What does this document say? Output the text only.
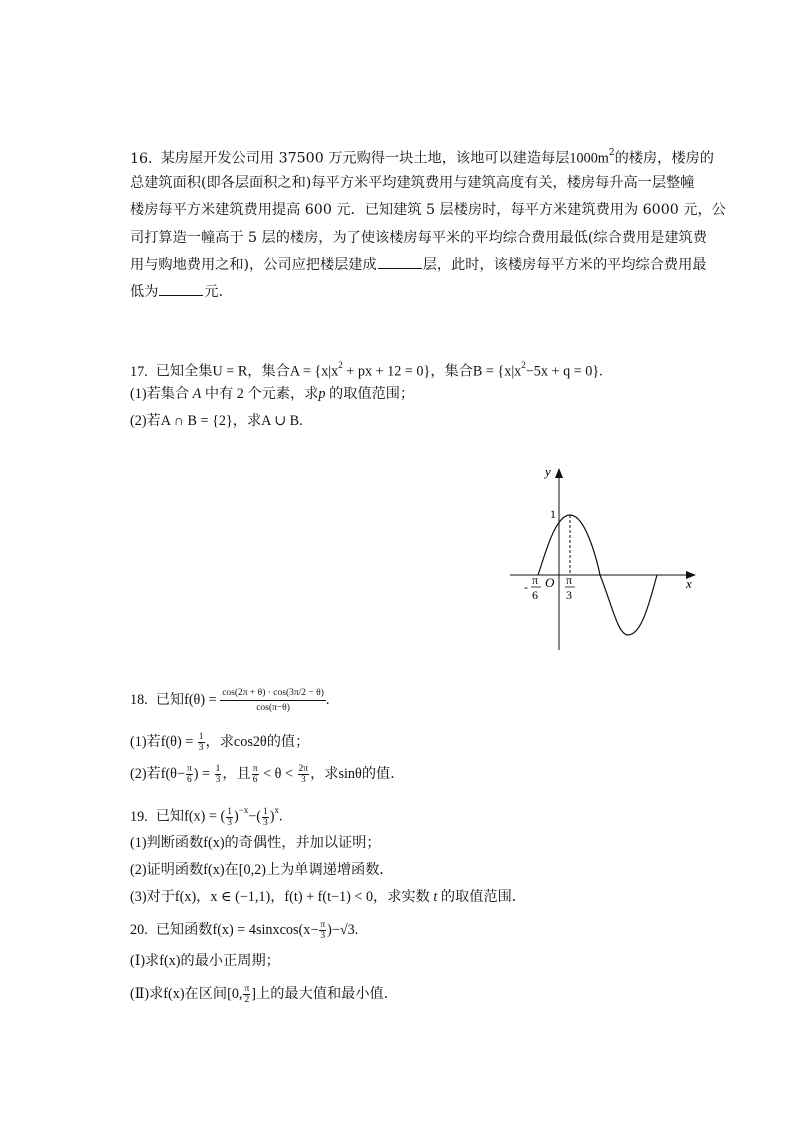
16. 某房屋开发公司用 37500 万元购得一块土地，该地可以建造每层$1000m^2$的楼房，楼房的
总建筑面积(即各层面积之和)每平方米平均建筑费用与建筑高度有关，楼房每升高一层整幢
楼房每平方米建筑费用提高 600 元．已知建筑 5 层楼房时，每平方米建筑费用为 6000 元，公
司打算造一幢高于 5 层的楼房，为了使该楼房每平米的平均综合费用最低(综合费用是建筑费
用与购地费用之和)，公司应把楼层建成	层，此时，该楼房每平方米的平均综合费用最
低为	元．
17. 已知全集U = R，集合$A = \{x|x^2$ + px + 12 = 0}，集合$B = \{x|x^2-5x + q = 0\}$.
(1)若集合 A 中有 2 个元素，求p 的取值范围；
(2)若A ∩ B = {2}，求A ∪ B.
y
x
1
O
- π
6
π
3
18. 已知$f(\theta) = \frac{\cos(2\pi + \theta) \cdot \cos(3\pi/2 - \theta)}{\cos(\pi-\theta)}$ .
(1)若$f(\theta) = \frac{1}{3}$ ，求cos2θ的值；
(2)若$f(\theta- \frac{\pi}{6}$ ) = $\frac{1}{3}$ ，且 $\frac{\pi}{6} < \theta < \frac{2\pi}{3}$ ，求sinθ的值．
19. 已知f(x) = ( $\frac{1}{3} )^{-x}-( \frac{1}{3} )^x$.
(1)判断函数f(x)的奇偶性，并加以证明；
(2)证明函数f(x)在[0,2)上为单调递增函数．
(3)对于f(x)，x ∈ (−1,1)，f(t) + f(t−1) < 0，求实数 t 的取值范围．
20. 已知函数f(x) = 4sinxcos(x− $\frac{\pi}{3} )-√3$.
(Ⅰ)求f(x)的最小正周期；
(Ⅱ)求f(x)在区间[0, $\frac{\pi}{2}$ ]上的最大值和最小值．
